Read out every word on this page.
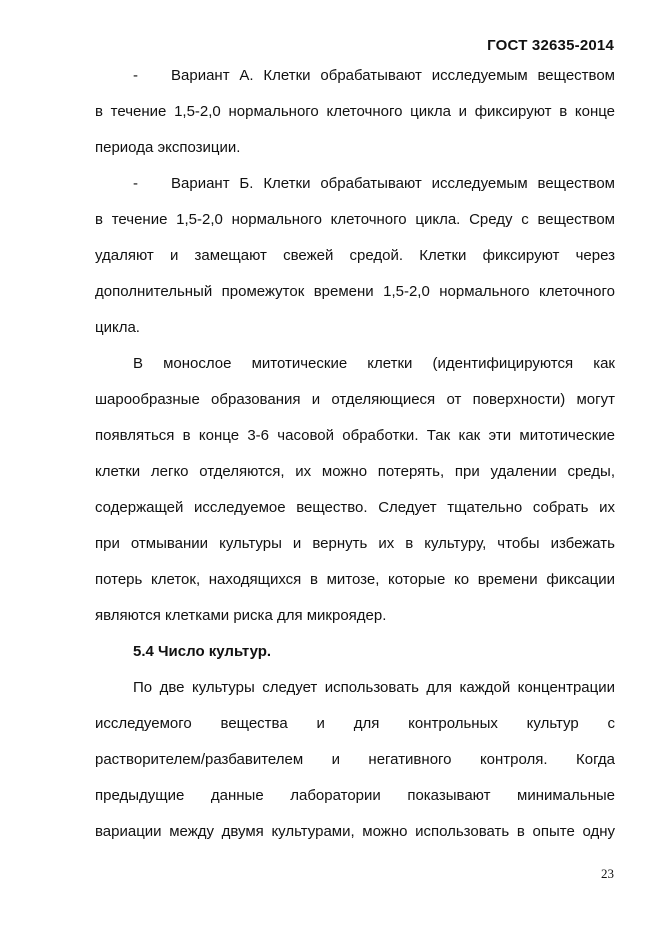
ГОСТ 32635-2014
- Вариант А. Клетки обрабатывают исследуемым веществом
в течение 1,5-2,0 нормального клеточного цикла и фиксируют в конце
периода экспозиции.
- Вариант Б. Клетки обрабатывают исследуемым веществом
в течение 1,5-2,0 нормального клеточного цикла. Среду с веществом
удаляют и замещают свежей средой. Клетки фиксируют через
дополнительный промежуток времени 1,5-2,0 нормального клеточного
цикла.
В монослое митотические клетки (идентифицируются как
шарообразные образования и отделяющиеся от поверхности) могут
появляться в конце 3-6 часовой обработки. Так как эти митотические
клетки легко отделяются, их можно потерять, при удалении среды,
содержащей исследуемое вещество. Следует тщательно собрать их
при отмывании культуры и вернуть их в культуру, чтобы избежать
потерь клеток, находящихся в митозе, которые ко времени фиксации
являются клетками риска для микроядер.
5.4 Число культур.
По две культуры следует использовать для каждой концентрации
исследуемого вещества и для контрольных культур с
растворителем/разбавителем и негативного контроля. Когда
предыдущие данные лаборатории показывают минимальные
вариации между двумя культурами, можно использовать в опыте одну
23
